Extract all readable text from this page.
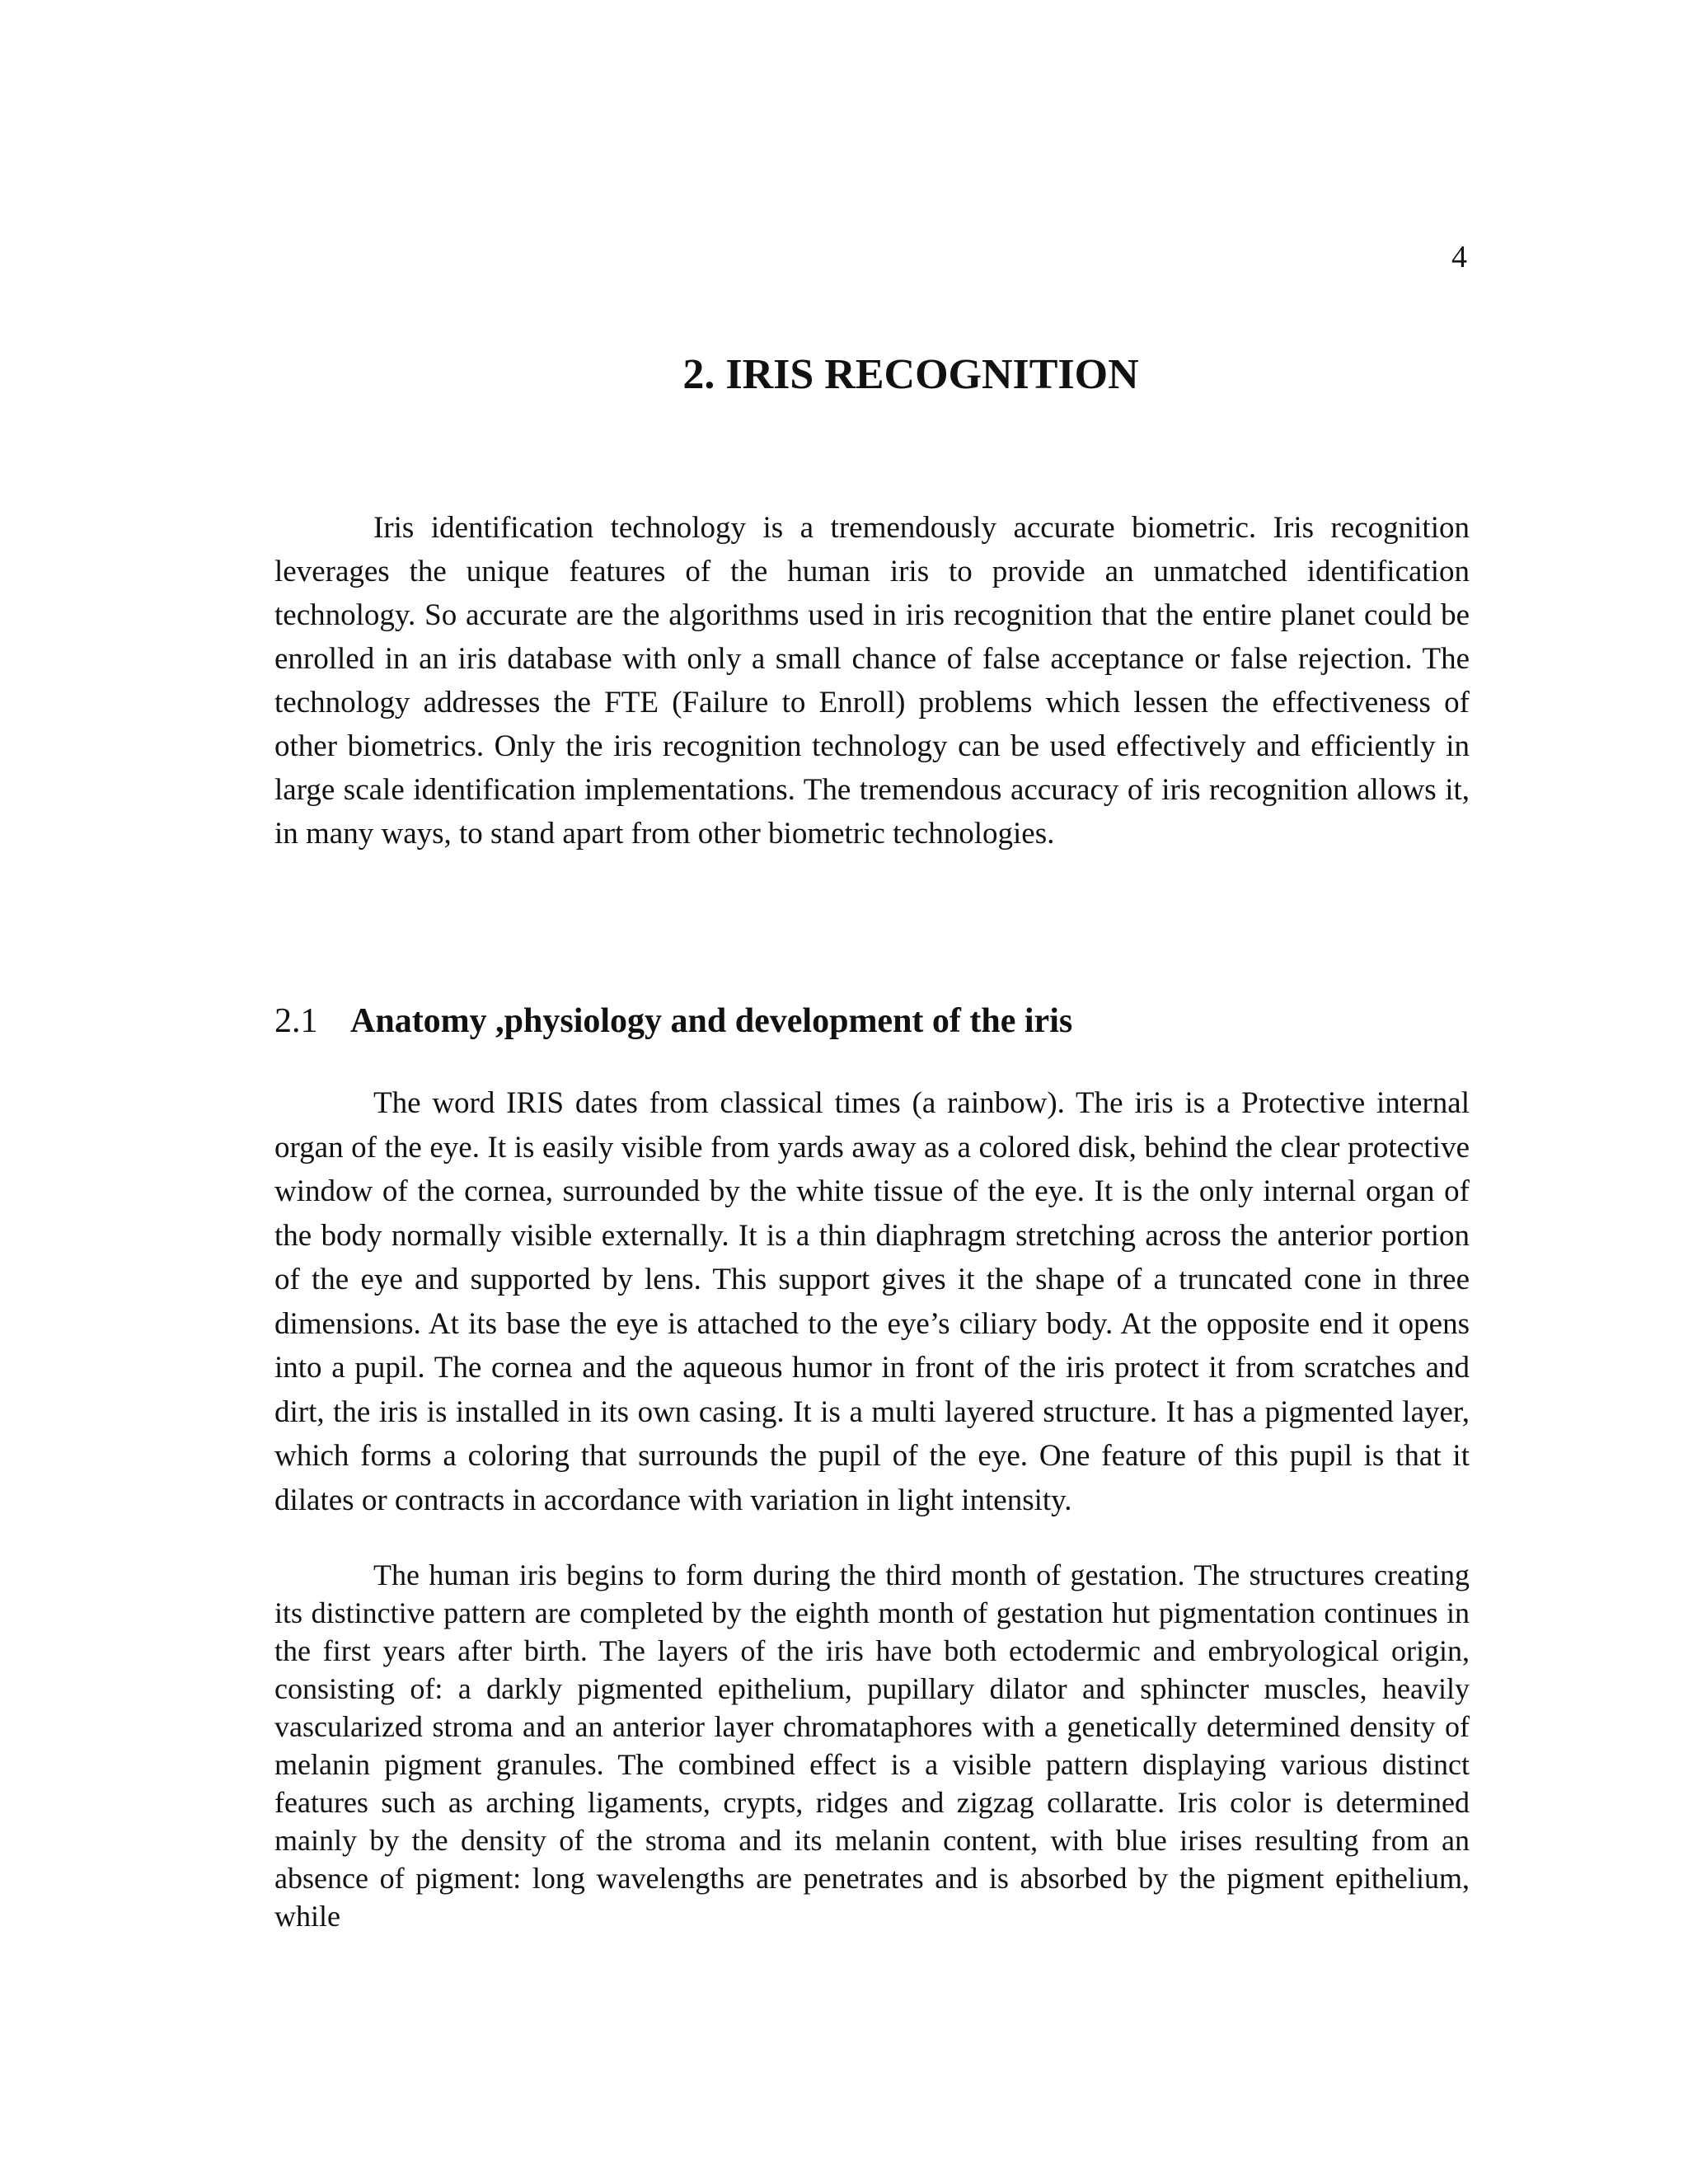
4
2. IRIS RECOGNITION

Iris identification technology is a tremendously accurate biometric. Iris recognition leverages the unique features of the human iris to provide an unmatched identification technology. So accurate are the algorithms used in iris recognition that the entire planet could be enrolled in an iris database with only a small chance of false acceptance or false rejection. The technology addresses the FTE (Failure to Enroll) problems which lessen the effectiveness of other biometrics. Only the iris recognition technology can be used effectively and efficiently in large scale identification implementations. The tremendous accuracy of iris recognition allows it, in many ways, to stand apart from other biometric technologies.

2.1 Anatomy ,physiology and development of the iris

The word IRIS dates from classical times (a rainbow). The iris is a Protective internal organ of the eye. It is easily visible from yards away as a colored disk, behind the clear protective window of the cornea, surrounded by the white tissue of the eye. It is the only internal organ of the body normally visible externally. It is a thin diaphragm stretching across the anterior portion of the eye and supported by lens. This support gives it the shape of a truncated cone in three dimensions. At its base the eye is attached to the eye’s ciliary body. At the opposite end it opens into a pupil. The cornea and the aqueous humor in front of the iris protect it from scratches and dirt, the iris is installed in its own casing. It is a multi layered structure. It has a pigmented layer, which forms a coloring that surrounds the pupil of the eye. One feature of this pupil is that it dilates or contracts in accordance with variation in light intensity.

The human iris begins to form during the third month of gestation. The structures creating its distinctive pattern are completed by the eighth month of gestation hut pigmentation continues in the first years after birth. The layers of the iris have both ectodermic and embryological origin, consisting of: a darkly pigmented epithelium, pupillary dilator and sphincter muscles, heavily vascularized stroma and an anterior layer chromataphores with a genetically determined density of melanin pigment granules. The combined effect is a visible pattern displaying various distinct features such as arching ligaments, crypts, ridges and zigzag collaratte. Iris color is determined mainly by the density of the stroma and its melanin content, with blue irises resulting from an absence of pigment: long wavelengths are penetrates and is absorbed by the pigment epithelium, while
